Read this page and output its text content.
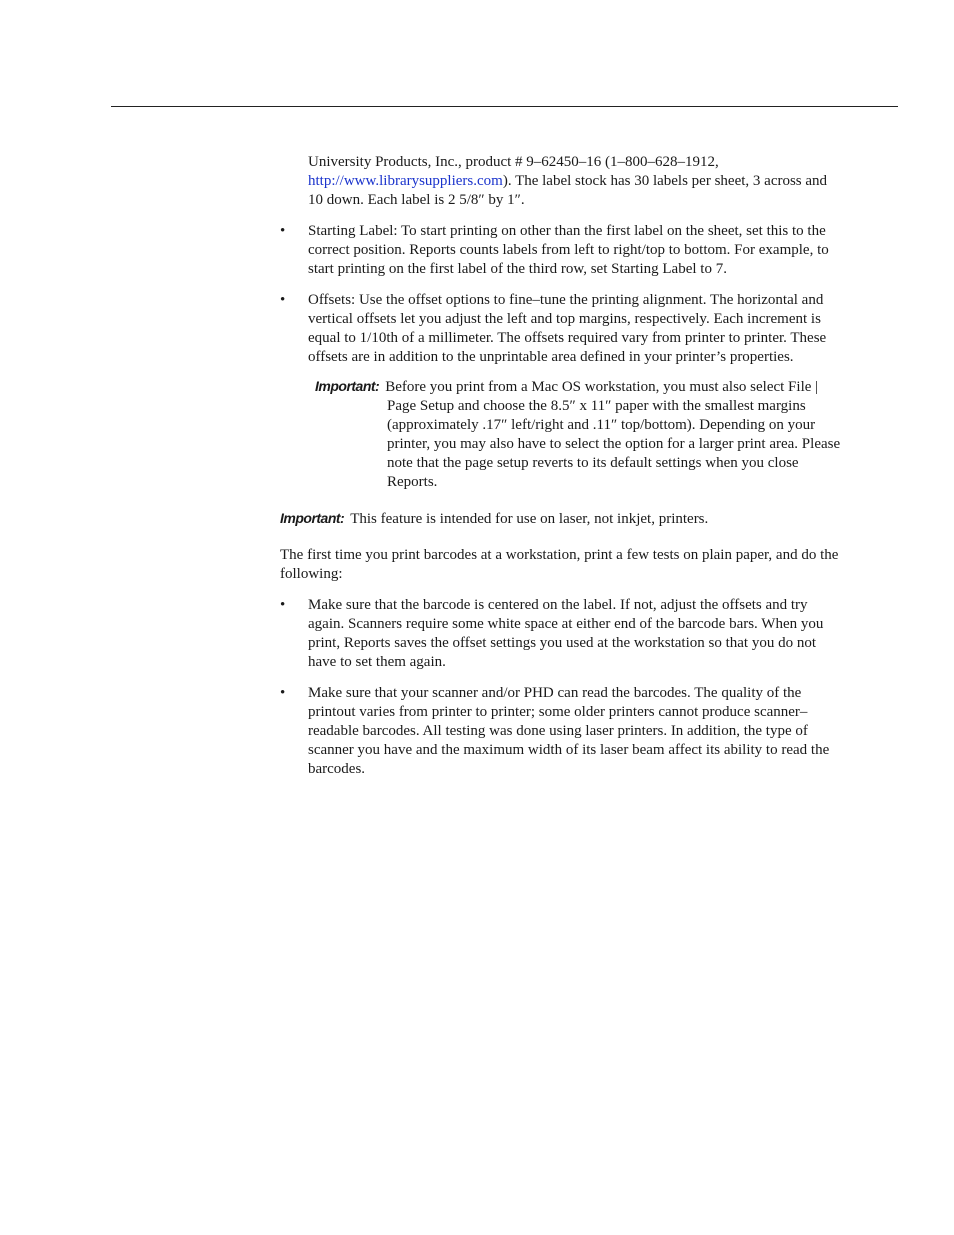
University Products, Inc., product # 9–62450–16 (1–800–628–1912, http://www.librarysuppliers.com). The label stock has 30 labels per sheet, 3 across and 10 down. Each label is 2 5/8″ by 1″.

•	Starting Label: To start printing on other than the first label on the sheet, set this to the correct position. Reports counts labels from left to right/top to bottom. For example, to start printing on the first label of the third row, set Starting Label to 7.

•	Offsets: Use the offset options to fine–tune the printing alignment. The horizontal and vertical offsets let you adjust the left and top margins, respectively. Each increment is equal to 1/10th of a millimeter. The offsets required vary from printer to printer. These offsets are in addition to the unprintable area defined in your printer’s properties.

Important: Before you print from a Mac OS workstation, you must also select File | Page Setup and choose the 8.5″ x 11″ paper with the smallest margins (approximately .17″ left/right and .11″ top/bottom). Depending on your printer, you may also have to select the option for a larger print area. Please note that the page setup reverts to its default settings when you close Reports.

Important: This feature is intended for use on laser, not inkjet, printers.

The first time you print barcodes at a workstation, print a few tests on plain paper, and do the following:

•	Make sure that the barcode is centered on the label. If not, adjust the offsets and try again. Scanners require some white space at either end of the barcode bars. When you print, Reports saves the offset settings you used at the workstation so that you do not have to set them again.

•	Make sure that your scanner and/or PHD can read the barcodes. The quality of the printout varies from printer to printer; some older printers cannot produce scanner–readable barcodes. All testing was done using laser printers. In addition, the type of scanner you have and the maximum width of its laser beam affect its ability to read the barcodes.
